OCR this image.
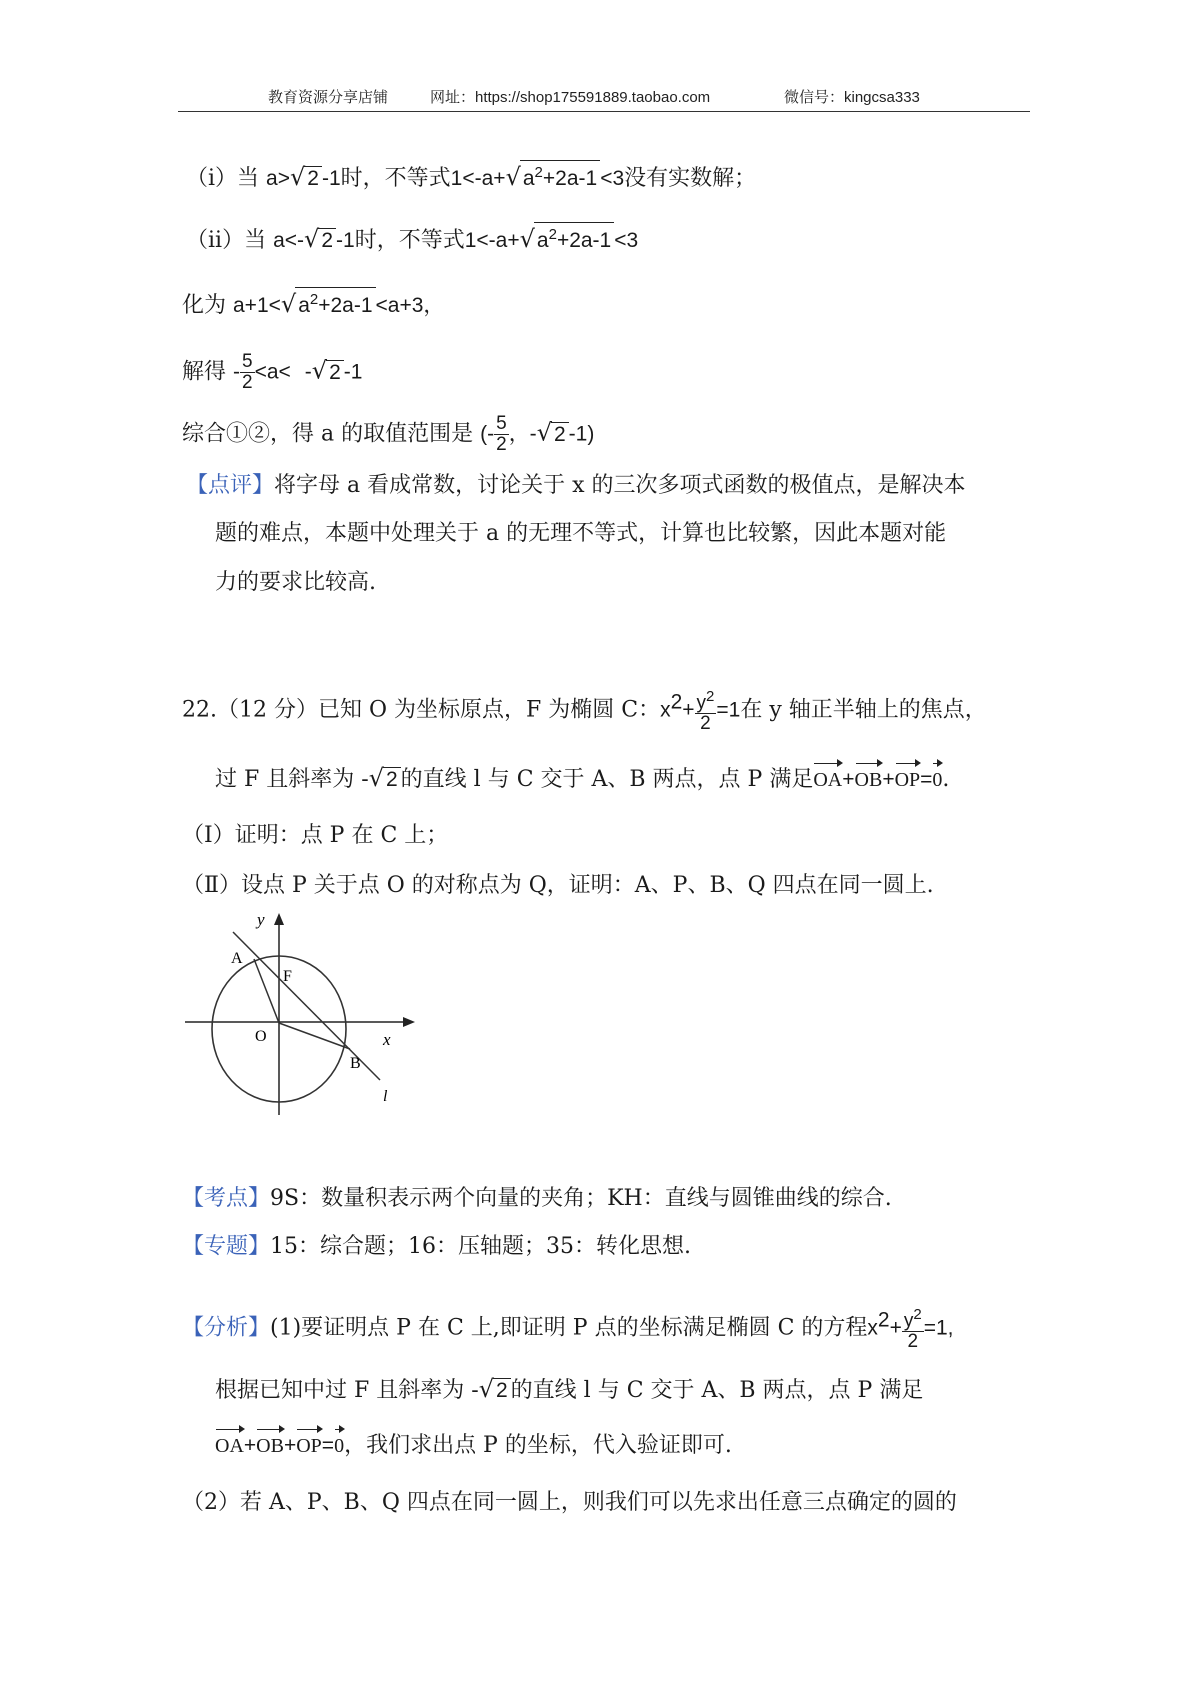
教育资源分享店铺	网址：https://shop175591889.taobao.com	微信号：kingcsa333
（i）当 a>√2 -1时，不等式$1<-a+√a^2+2a-1 <3$没有实数解；
（ii）当 a<-√2 -1时，不等式$1<-a+√a^2+2a-1 <3$
化为 $a+1<√a^2+2a-1 <a+3$，
解得 - $\frac{5}{2} <a< -√2$ -1
综合①②，得 a 的取值范围是 (- $\frac{5}{2}$ ，-√2 -1)
【点评】将字母 a 看成常数，讨论关于 x 的三次多项式函数的极值点，是解决本
题的难点，本题中处理关于 a 的无理不等式，计算也比较繁，因此本题对能
力的要求比较高.
22.（12 分）已知 O 为坐标原点，F 为椭圆 C：$x^2+ \frac{y^2}{2} =1$在 y 轴正半轴上的焦点，
过 F 且斜率为 -√2 的直线 l 与 C 交于 A、B 两点，点 P 满足OA+OB+OP=0.
（Ⅰ）证明：点 P 在 C 上；
（Ⅱ）设点 P 关于点 O 的对称点为 Q，证明：A、P、B、Q 四点在同一圆上.
y
x
A
F
O
B
l
【考点】9S：数量积表示两个向量的夹角；KH：直线与圆锥曲线的综合.
【专题】15：综合题；16：压轴题；35：转化思想.
【分析】(1)要证明点 P 在 C 上,即证明 P 点的坐标满足椭圆 C 的方程$x^2+ \frac{y^2}{2} =1$,
根据已知中过 F 且斜率为 -√2 的直线 l 与 C 交于 A、B 两点，点 P 满足
OA+OB+OP=0，我们求出点 P 的坐标，代入验证即可.
（2）若 A、P、B、Q 四点在同一圆上，则我们可以先求出任意三点确定的圆的
